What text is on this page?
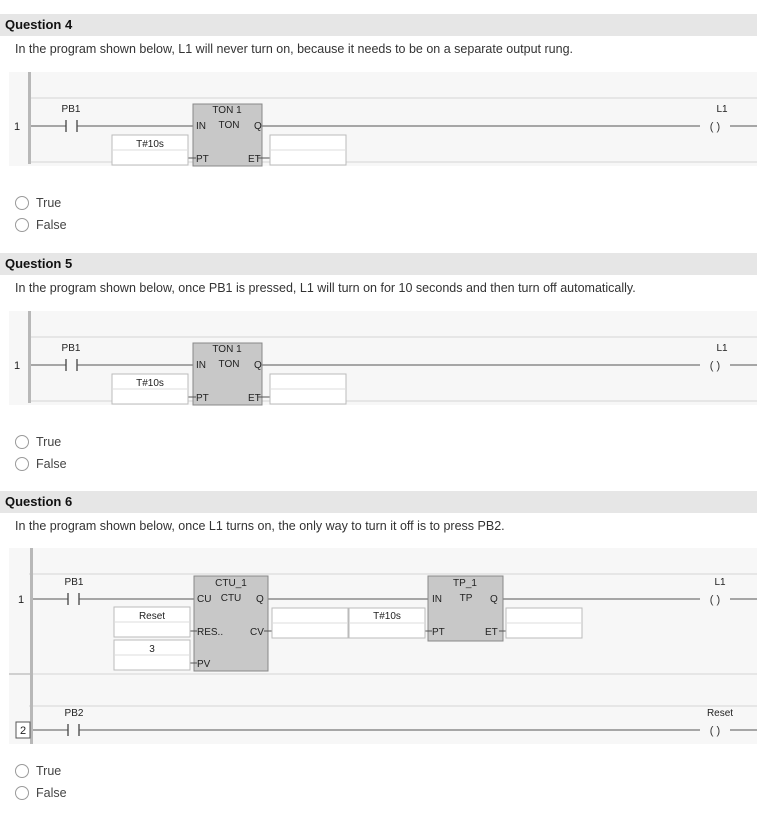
Question 4
In the program shown below, L1 will never turn on, because it needs to be on a separate output rung.
1
PB1	TON 1
TON
IN	Q
PT	ET
T#10s
L1
( )
True
False
Question 5
In the program shown below, once PB1 is pressed, L1 will turn on for 10 seconds and then turn off automatically.
1
PB1	TON 1
TON
IN	Q
PT	ET
T#10s
L1
( )
True
False
Question 6
In the program shown below, once L1 turns on, the only way to turn it off is to press PB2.
1
PB1	CTU_1
CTU
CU	Q
RES..	CV
PV
Reset
3
TP_1
TP
IN	Q
PT	ET
T#10s
L1
( )
2
PB2	Reset
( )
True
False
